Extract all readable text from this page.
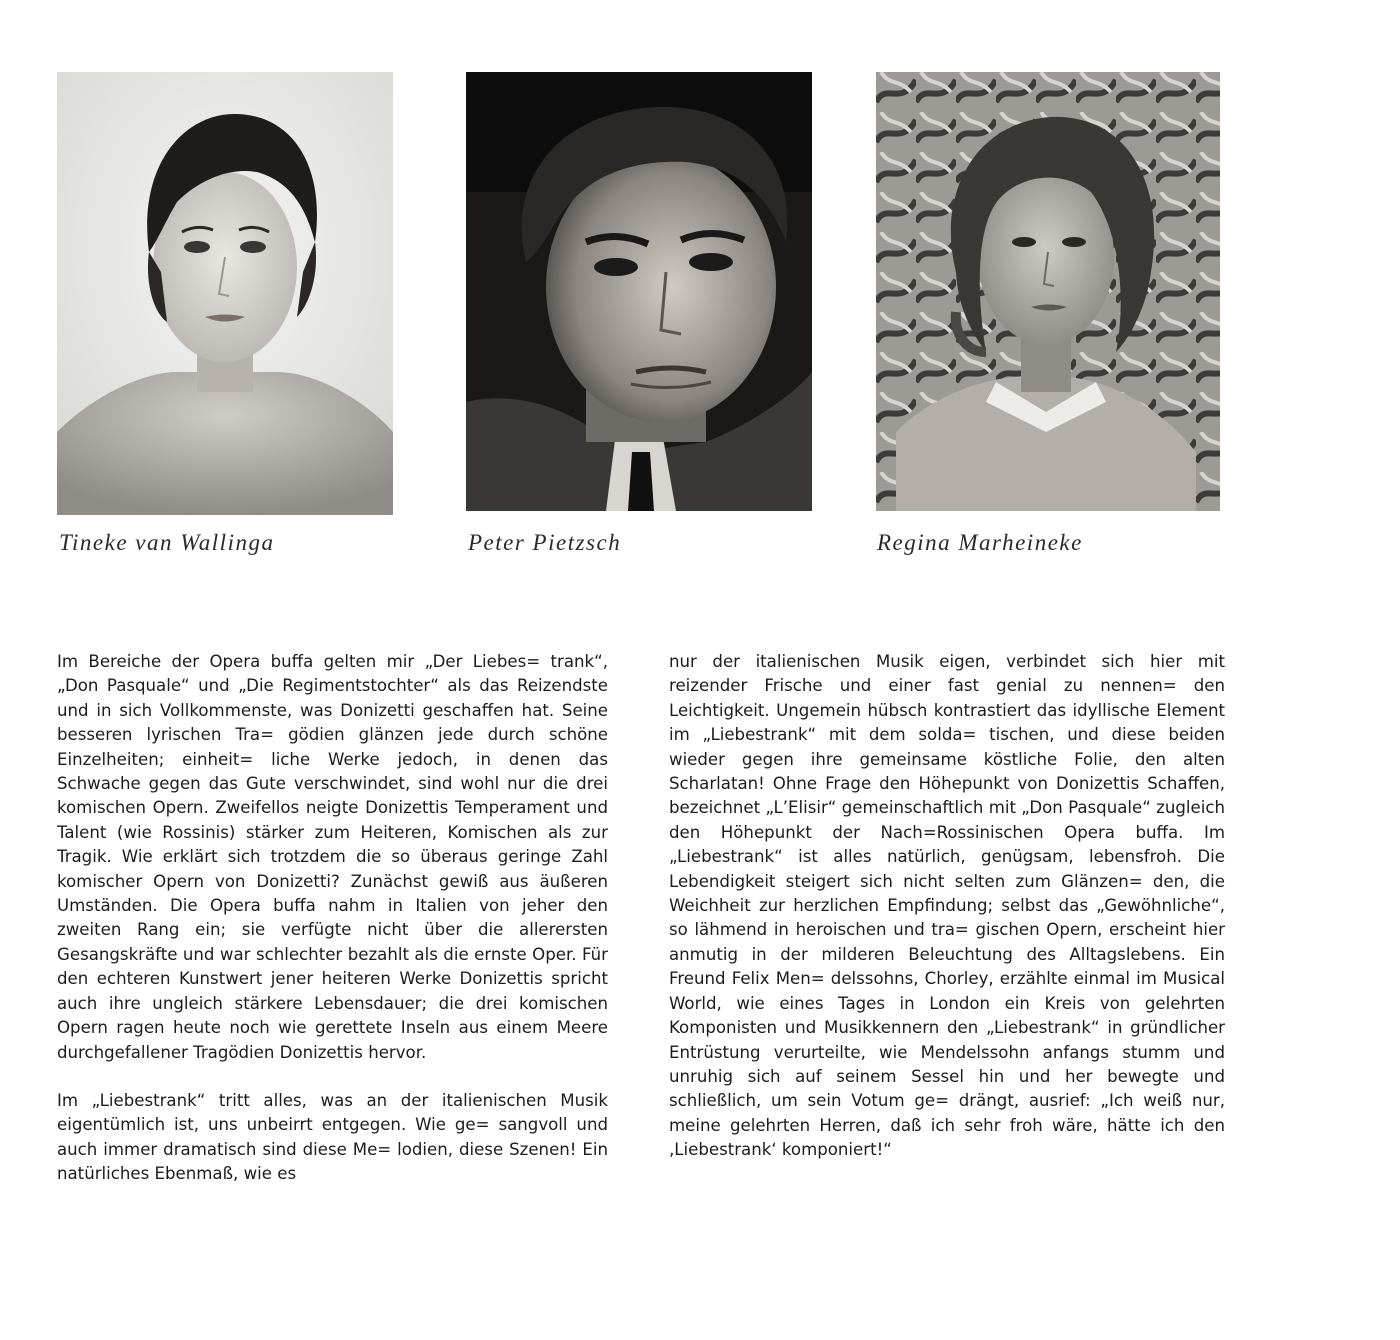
Tineke van Wallinga	Peter Pietzsch	Regina Marheineke

Im Bereiche der Opera buffa gelten mir „Der Liebes= trank“, „Don Pasquale“ und „Die Regimentstochter“ als das Reizendste und in sich Vollkommenste, was Donizetti geschaffen hat. Seine besseren lyrischen Tra= gödien glänzen jede durch schöne Einzelheiten; einheit= liche Werke jedoch, in denen das Schwache gegen das Gute verschwindet, sind wohl nur die drei komischen Opern. Zweifellos neigte Donizettis Temperament und Talent (wie Rossinis) stärker zum Heiteren, Komischen als zur Tragik. Wie erklärt sich trotzdem die so überaus geringe Zahl komischer Opern von Donizetti? Zunächst gewiß aus äußeren Umständen. Die Opera buffa nahm in Italien von jeher den zweiten Rang ein; sie verfügte nicht über die allerersten Gesangskräfte und war schlechter bezahlt als die ernste Oper. Für den echteren Kunstwert jener heiteren Werke Donizettis spricht auch ihre ungleich stärkere Lebensdauer; die drei komischen Opern ragen heute noch wie gerettete Inseln aus einem Meere durchgefallener Tragödien Donizettis hervor.

Im „Liebestrank“ tritt alles, was an der italienischen Musik eigentümlich ist, uns unbeirrt entgegen. Wie ge= sangvoll und auch immer dramatisch sind diese Me= lodien, diese Szenen! Ein natürliches Ebenmaß, wie es

nur der italienischen Musik eigen, verbindet sich hier mit reizender Frische und einer fast genial zu nennen= den Leichtigkeit. Ungemein hübsch kontrastiert das idyllische Element im „Liebestrank“ mit dem solda= tischen, und diese beiden wieder gegen ihre gemeinsame köstliche Folie, den alten Scharlatan! Ohne Frage den Höhepunkt von Donizettis Schaffen, bezeichnet „L’Elisir“ gemeinschaftlich mit „Don Pasquale“ zugleich den Höhepunkt der Nach=Rossinischen Opera buffa. Im „Liebestrank“ ist alles natürlich, genügsam, lebensfroh. Die Lebendigkeit steigert sich nicht selten zum Glänzen= den, die Weichheit zur herzlichen Empfindung; selbst das „Gewöhnliche“, so lähmend in heroischen und tra= gischen Opern, erscheint hier anmutig in der milderen Beleuchtung des Alltagslebens. Ein Freund Felix Men= delssohns, Chorley, erzählte einmal im Musical World, wie eines Tages in London ein Kreis von gelehrten Komponisten und Musikkennern den „Liebestrank“ in gründlicher Entrüstung verurteilte, wie Mendelssohn anfangs stumm und unruhig sich auf seinem Sessel hin und her bewegte und schließlich, um sein Votum ge= drängt, ausrief: „Ich weiß nur, meine gelehrten Herren, daß ich sehr froh wäre, hätte ich den ‚Liebestrank‘ komponiert!“
